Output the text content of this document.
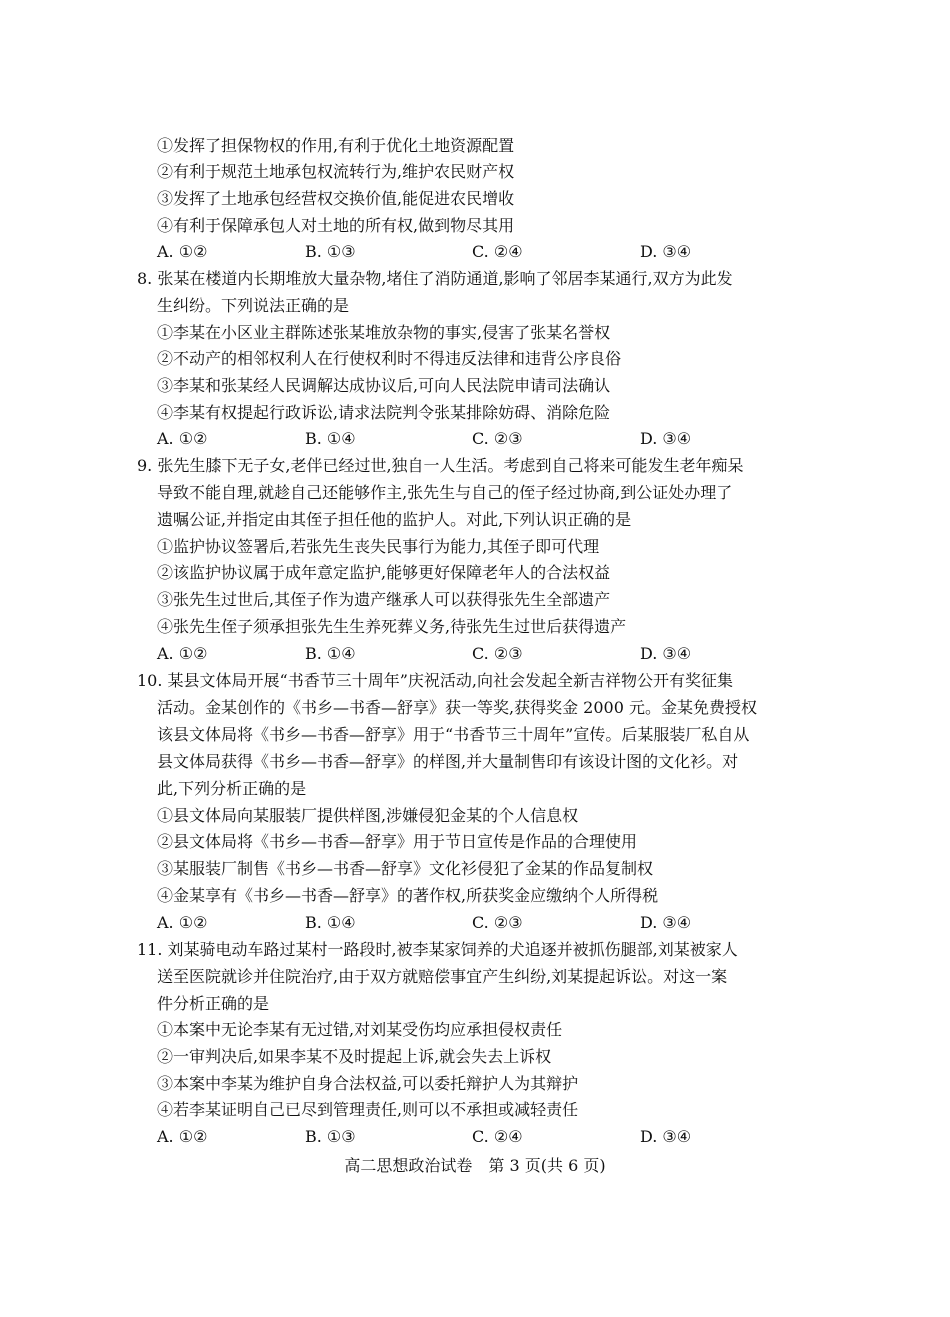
①发挥了担保物权的作用,有利于优化土地资源配置
②有利于规范土地承包权流转行为,维护农民财产权
③发挥了土地承包经营权交换价值,能促进农民增收
④有利于保障承包人对土地的所有权,做到物尽其用
A. ①②	B. ①③	C. ②④	D. ③④
8. 张某在楼道内长期堆放大量杂物,堵住了消防通道,影响了邻居李某通行,双方为此发
生纠纷。下列说法正确的是
①李某在小区业主群陈述张某堆放杂物的事实,侵害了张某名誉权
②不动产的相邻权利人在行使权利时不得违反法律和违背公序良俗
③李某和张某经人民调解达成协议后,可向人民法院申请司法确认
④李某有权提起行政诉讼,请求法院判令张某排除妨碍、消除危险
A. ①②	B. ①④	C. ②③	D. ③④
9. 张先生膝下无子女,老伴已经过世,独自一人生活。考虑到自己将来可能发生老年痴呆
导致不能自理,就趁自己还能够作主,张先生与自己的侄子经过协商,到公证处办理了
遗嘱公证,并指定由其侄子担任他的监护人。对此,下列认识正确的是
①监护协议签署后,若张先生丧失民事行为能力,其侄子即可代理
②该监护协议属于成年意定监护,能够更好保障老年人的合法权益
③张先生过世后,其侄子作为遗产继承人可以获得张先生全部遗产
④张先生侄子须承担张先生生养死葬义务,待张先生过世后获得遗产
A. ①②	B. ①④	C. ②③	D. ③④
10. 某县文体局开展“书香节三十周年”庆祝活动,向社会发起全新吉祥物公开有奖征集
活动。金某创作的《书乡—书香—舒享》获一等奖,获得奖金 2000 元。金某免费授权
该县文体局将《书乡—书香—舒享》用于“书香节三十周年”宣传。后某服装厂私自从
县文体局获得《书乡—书香—舒享》的样图,并大量制售印有该设计图的文化衫。对
此,下列分析正确的是
①县文体局向某服装厂提供样图,涉嫌侵犯金某的个人信息权
②县文体局将《书乡—书香—舒享》用于节日宣传是作品的合理使用
③某服装厂制售《书乡—书香—舒享》文化衫侵犯了金某的作品复制权
④金某享有《书乡—书香—舒享》的著作权,所获奖金应缴纳个人所得税
A. ①②	B. ①④	C. ②③	D. ③④
11. 刘某骑电动车路过某村一路段时,被李某家饲养的犬追逐并被抓伤腿部,刘某被家人
送至医院就诊并住院治疗,由于双方就赔偿事宜产生纠纷,刘某提起诉讼。对这一案
件分析正确的是
①本案中无论李某有无过错,对刘某受伤均应承担侵权责任
②一审判决后,如果李某不及时提起上诉,就会失去上诉权
③本案中李某为维护自身合法权益,可以委托辩护人为其辩护
④若李某证明自己已尽到管理责任,则可以不承担或减轻责任
A. ①②	B. ①③	C. ②④	D. ③④
高二思想政治试卷　第 3 页(共 6 页)
